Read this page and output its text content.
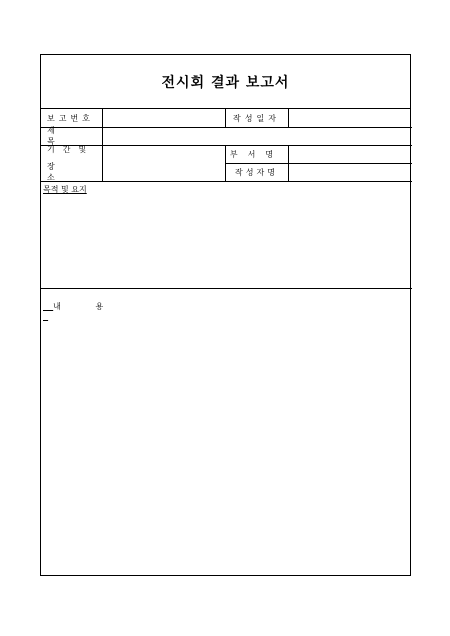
전시회 결과 보고서
보고번호	작성일자
제목
기간및
장소
부서명
작성자명
목적 및 요지

내 용
